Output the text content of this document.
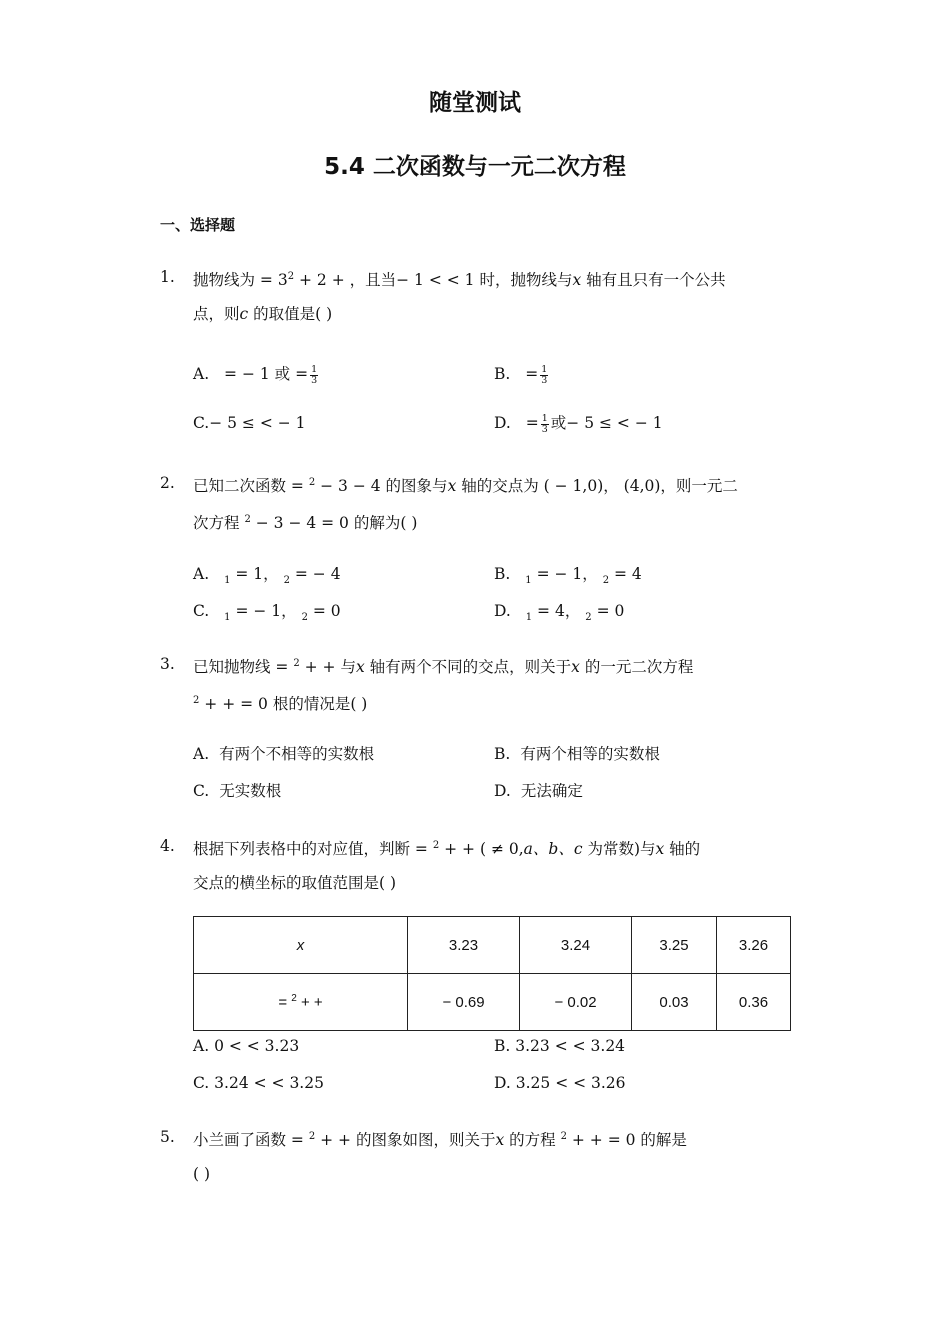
随堂测试
5.4 二次函数与一元二次方程
一、选择题
1. 抛物线为 = $3^2 + 2$ + ，且当− 1 < < 1 时，抛物线与x 轴有且只有一个公共
点，则c 的取值是( )
A. = − 1 或 = $\frac{1}{3}$	B. = $\frac{1}{3}$
C.− 5 ≤ < − 1	D. = $\frac{1}{3}$ 或− 5 ≤ < − 1
2. 已知二次函数 = $^2$ − 3 − 4 的图象与x 轴的交点为 ( − 1,0)， (4,0)，则一元二
次方程 $^2$ − 3 − 4 = 0 的解为( )
A. $_1$ = 1， $_2$ = − 4	B. $_1$ = − 1， $_2$ = 4
C. $_1$ = − 1， $_2$ = 0	D. $_1$ = 4， $_2$ = 0
3. 已知抛物线 = $^2$ + + 与x 轴有两个不同的交点，则关于x 的一元二次方程
$^2$ + + = 0 根的情况是( )
A. 有两个不相等的实数根	B. 有两个相等的实数根
C. 无实数根	D. 无法确定
4. 根据下列表格中的对应值，判断 = $^2$ + + ( ≠ 0,a、b、c 为常数)与x 轴的
交点的横坐标的取值范围是( )
x	3.23	3.24	3.25	3.26
= $^2$ + +	− 0.69	− 0.02	0.03	0.36
A. 0 < < 3.23	B. 3.23 < < 3.24
C. 3.24 < < 3.25	D. 3.25 < < 3.26
5. 小兰画了函数 = $^2$ + + 的图象如图，则关于x 的方程 $^2$ + + = 0 的解是
( )
